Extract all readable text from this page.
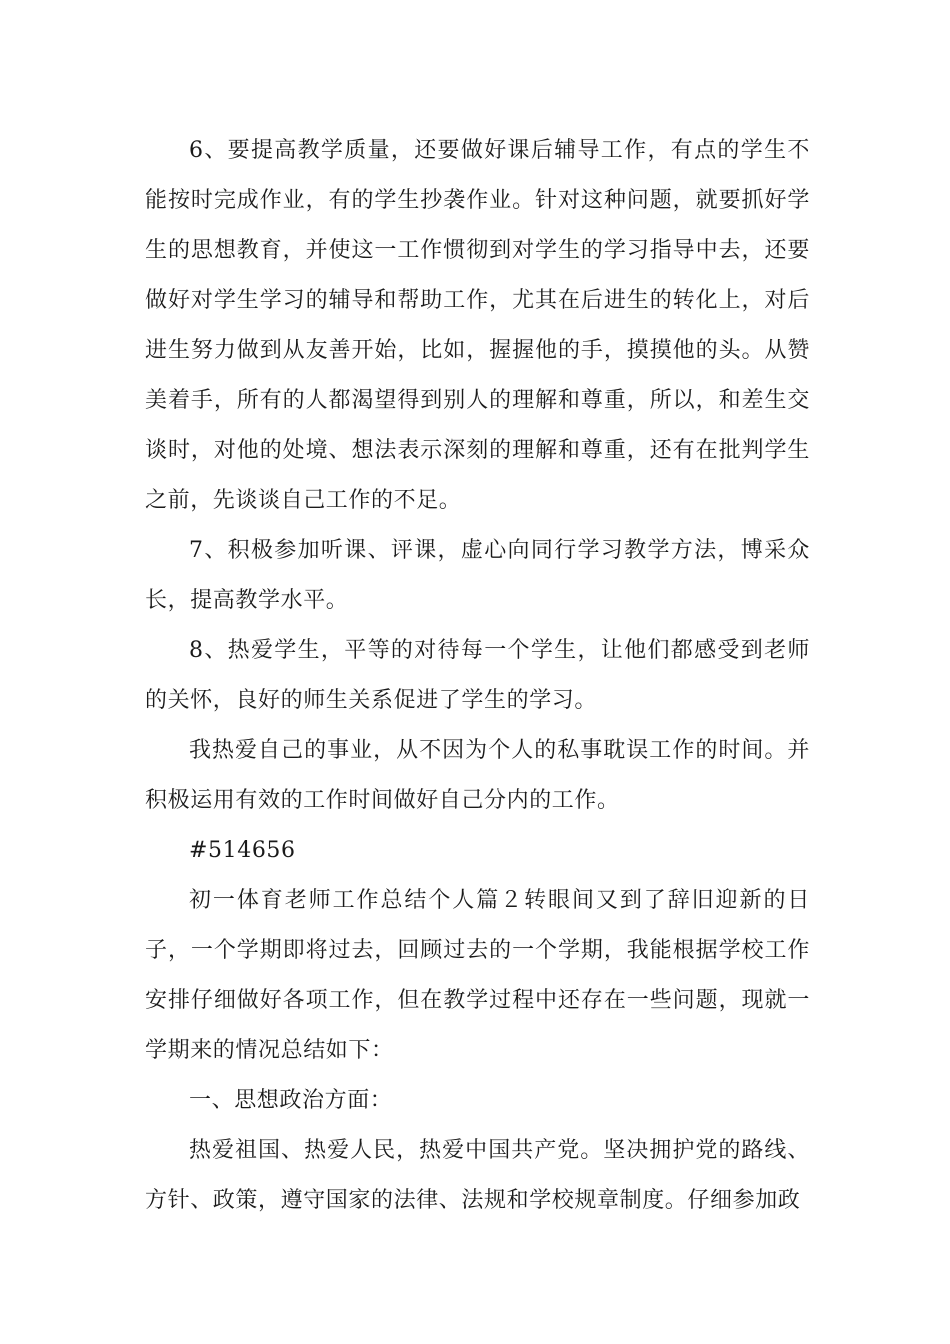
6、要提高教学质量，还要做好课后辅导工作，有点的学生不能按时完成作业，有的学生抄袭作业。针对这种问题，就要抓好学生的思想教育，并使这一工作惯彻到对学生的学习指导中去，还要做好对学生学习的辅导和帮助工作，尤其在后进生的转化上，对后进生努力做到从友善开始，比如，握握他的手，摸摸他的头。从赞美着手，所有的人都渴望得到别人的理解和尊重，所以，和差生交谈时，对他的处境、想法表示深刻的理解和尊重，还有在批判学生之前，先谈谈自己工作的不足。

7、积极参加听课、评课，虚心向同行学习教学方法，博采众长，提高教学水平。

8、热爱学生，平等的对待每一个学生，让他们都感受到老师的关怀，良好的师生关系促进了学生的学习。

我热爱自己的事业，从不因为个人的私事耽误工作的时间。并积极运用有效的工作时间做好自己分内的工作。

#514656

初一体育老师工作总结个人篇２转眼间又到了辞旧迎新的日子，一个学期即将过去，回顾过去的一个学期，我能根据学校工作安排仔细做好各项工作，但在教学过程中还存在一些问题，现就一学期来的情况总结如下：

一、思想政治方面：

热爱祖国、热爱人民，热爱中国共产党。坚决拥护党的路线、方针、政策，遵守国家的法律、法规和学校规章制度。仔细参加政
